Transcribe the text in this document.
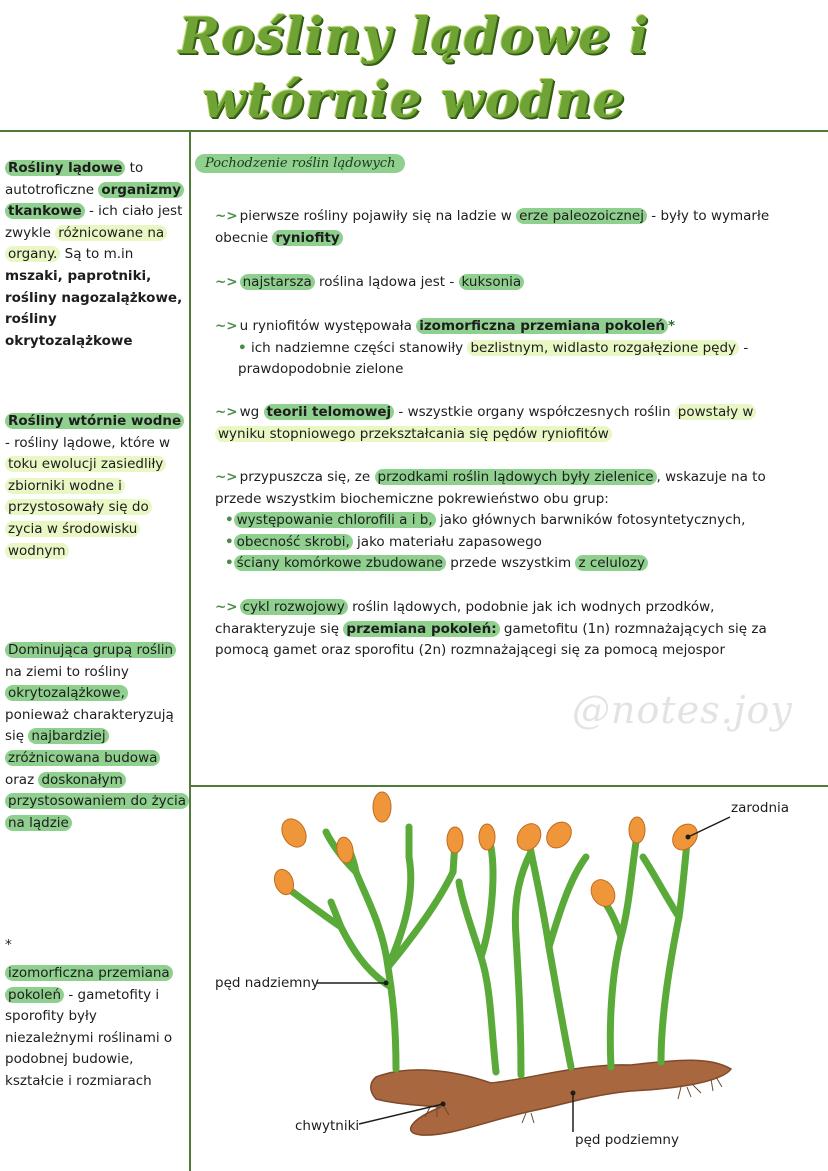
Rośliny lądowe i
wtórnie wodne
Rośliny lądowe to autotroficzne organizmy tkankowe - ich ciało jest zwykle różnicowane na organy. Są to m.in mszaki, paprotniki, rośliny nagozalążkowe, rośliny okrytozalążkowe
Rośliny wtórnie wodne - rośliny lądowe, które w toku ewolucji zasiedliły zbiorniki wodne i przystosowały się do zycia w środowisku wodnym
Dominująca grupą roślin na ziemi to rośliny okrytozalążkowe, ponieważ charakteryzują się najbardziej zróżnicowana budowa oraz doskonałym przystosowaniem do życia na lądzie
*
izomorficzna przemiana pokoleń - gametofity i sporofity były niezależnymi roślinami o podobnej budowie, kształcie i rozmiarach
Pochodzenie roślin lądowych
~> pierwsze rośliny pojawiły się na ladzie w erze paleozoicznej - były to wymarłe obecnie ryniofity
~> najstarsza roślina lądowa jest - kuksonia
~> u ryniofitów występowała izomorficzna przemiana pokoleń *
• ich nadziemne części stanowiły bezlistnym, widlasto rozgałęzione pędy - prawdopodobnie zielone
~> wg teorii telomowej - wszystkie organy współczesnych roślin powstały w wyniku stopniowego przekształcania się pędów ryniofitów
~> przypuszcza się, ze przodkami roślin lądowych były zielenice , wskazuje na to przede wszystkim biochemiczne pokrewieństwo obu grup:
• występowanie chlorofili a i b, jako głównych barwników fotosyntetycznych,
• obecność skrobi, jako materiału zapasowego
• ściany komórkowe zbudowane przede wszystkim z celulozy
~> cykl rozwojowy roślin lądowych, podobnie jak ich wodnych przodków, charakteryzuje się przemiana pokoleń: gametofitu (1n) rozmnażających się za pomocą gamet oraz sporofitu (2n) rozmnażającegi się za pomocą mejospor
@notes.joy
zarodnia
pęd nadziemny
chwytniki
pęd podziemny
